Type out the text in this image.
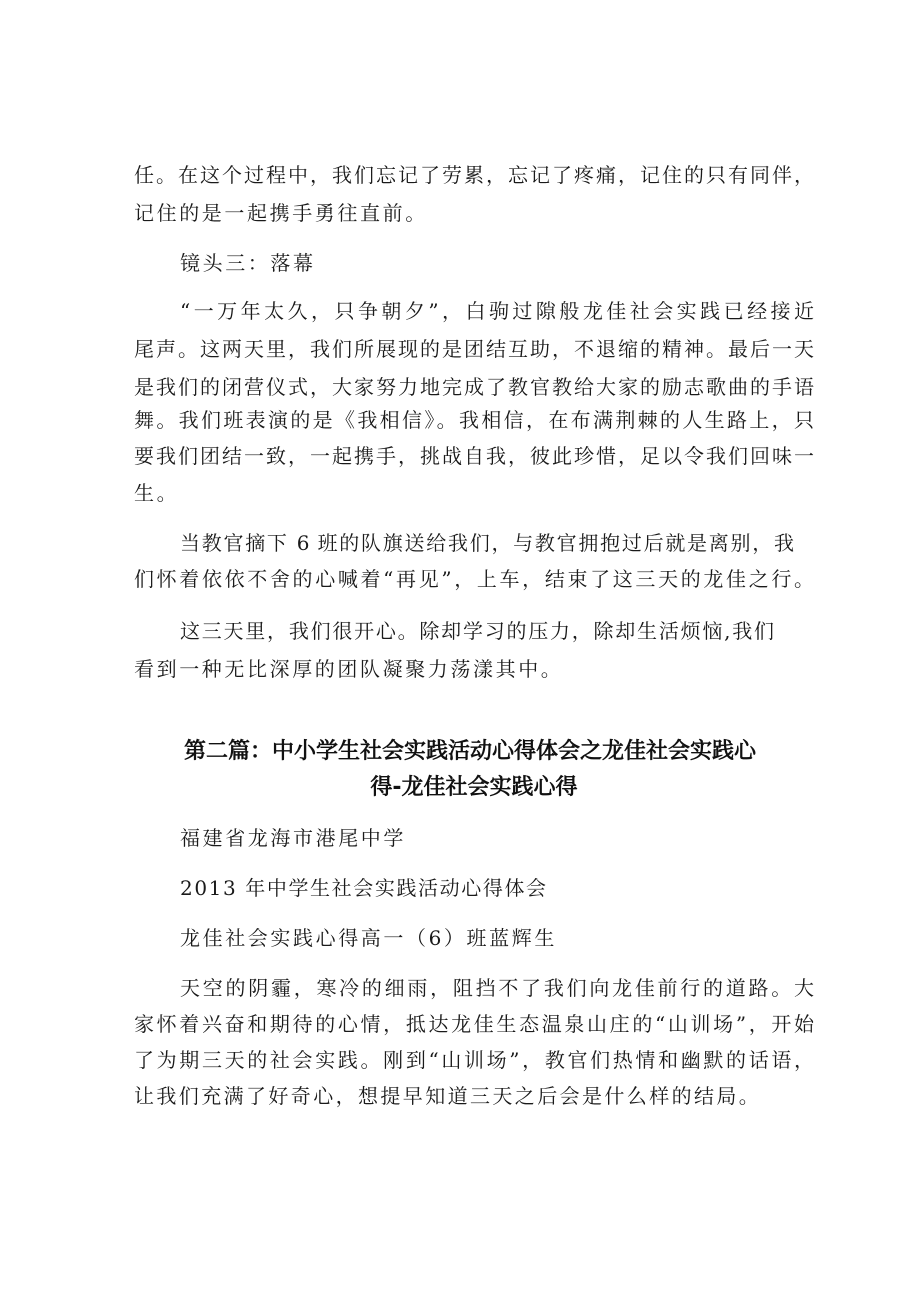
任。在这个过程中，我们忘记了劳累，忘记了疼痛，记住的只有同伴，
记住的是一起携手勇往直前。
镜头三：落幕
“一万年太久，只争朝夕”，白驹过隙般龙佳社会实践已经接近
尾声。这两天里，我们所展现的是团结互助，不退缩的精神。最后一天
是我们的闭营仪式，大家努力地完成了教官教给大家的励志歌曲的手语
舞。我们班表演的是《我相信》。我相信，在布满荆棘的人生路上，只
要我们团结一致，一起携手，挑战自我，彼此珍惜，足以令我们回味一
生。
当教官摘下 6 班的队旗送给我们，与教官拥抱过后就是离别，我
们怀着依依不舍的心喊着“再见”，上车，结束了这三天的龙佳之行。
这三天里，我们很开心。除却学习的压力，除却生活烦恼,我们
看到一种无比深厚的团队凝聚力荡漾其中。
第二篇：中小学生社会实践活动心得体会之龙佳社会实践心
得-龙佳社会实践心得
福建省龙海市港尾中学
2013 年中学生社会实践活动心得体会
龙佳社会实践心得高一（6）班蓝辉生
天空的阴霾，寒冷的细雨，阻挡不了我们向龙佳前行的道路。大
家怀着兴奋和期待的心情，抵达龙佳生态温泉山庄的“山训场”，开始
了为期三天的社会实践。刚到“山训场”，教官们热情和幽默的话语，
让我们充满了好奇心，想提早知道三天之后会是什么样的结局。
